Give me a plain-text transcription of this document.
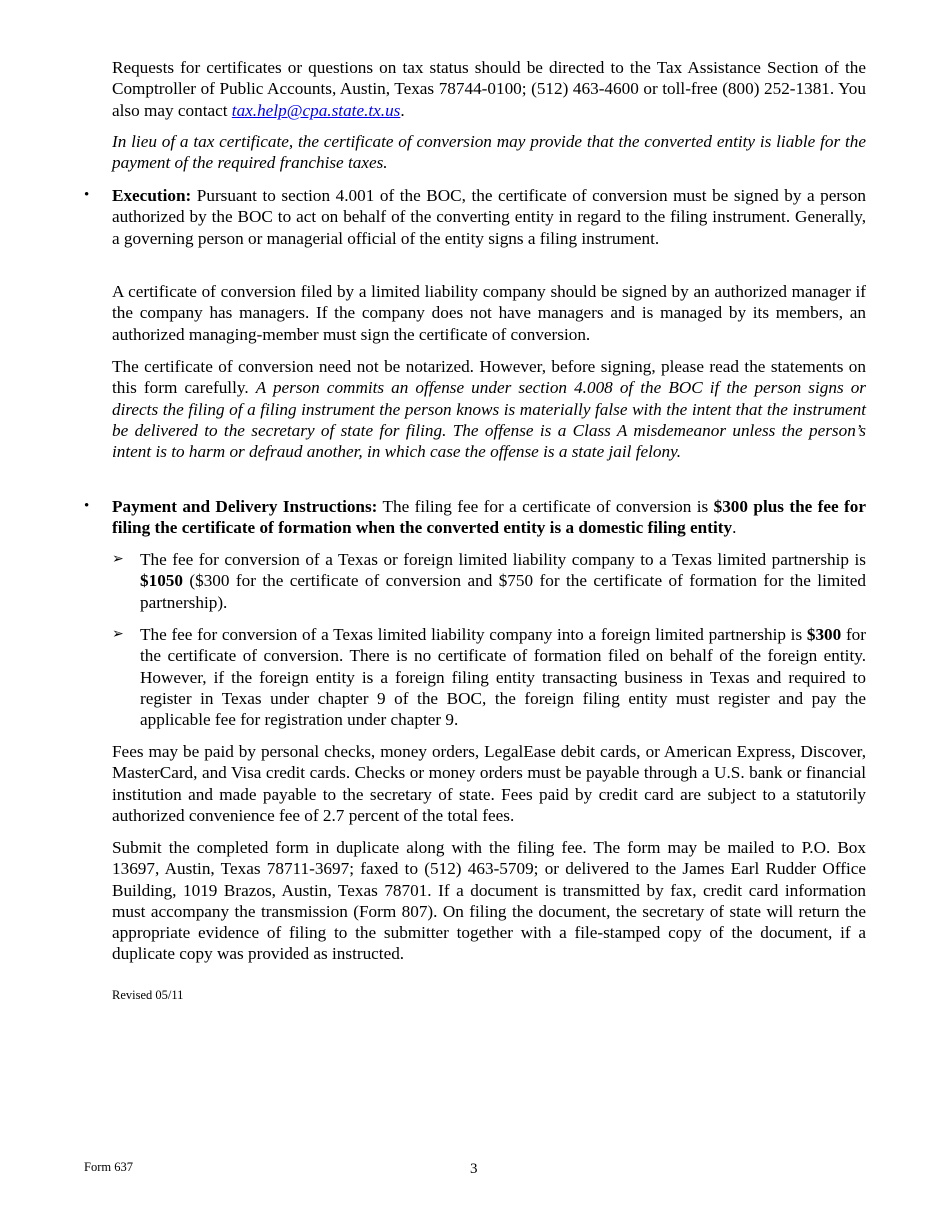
Requests for certificates or questions on tax status should be directed to the Tax Assistance Section of the Comptroller of Public Accounts, Austin, Texas 78744-0100; (512) 463-4600 or toll-free (800) 252-1381. You also may contact tax.help@cpa.state.tx.us.

In lieu of a tax certificate, the certificate of conversion may provide that the converted entity is liable for the payment of the required franchise taxes.

• Execution: Pursuant to section 4.001 of the BOC, the certificate of conversion must be signed by a person authorized by the BOC to act on behalf of the converting entity in regard to the filing instrument. Generally, a governing person or managerial official of the entity signs a filing instrument.

A certificate of conversion filed by a limited liability company should be signed by an authorized manager if the company has managers. If the company does not have managers and is managed by its members, an authorized managing-member must sign the certificate of conversion.

The certificate of conversion need not be notarized. However, before signing, please read the statements on this form carefully. A person commits an offense under section 4.008 of the BOC if the person signs or directs the filing of a filing instrument the person knows is materially false with the intent that the instrument be delivered to the secretary of state for filing. The offense is a Class A misdemeanor unless the person’s intent is to harm or defraud another, in which case the offense is a state jail felony.

• Payment and Delivery Instructions: The filing fee for a certificate of conversion is $300 plus the fee for filing the certificate of formation when the converted entity is a domestic filing entity.

➢ The fee for conversion of a Texas or foreign limited liability company to a Texas limited partnership is $1050 ($300 for the certificate of conversion and $750 for the certificate of formation for the limited partnership).

➢ The fee for conversion of a Texas limited liability company into a foreign limited partnership is $300 for the certificate of conversion. There is no certificate of formation filed on behalf of the foreign entity. However, if the foreign entity is a foreign filing entity transacting business in Texas and required to register in Texas under chapter 9 of the BOC, the foreign filing entity must register and pay the applicable fee for registration under chapter 9.

Fees may be paid by personal checks, money orders, LegalEase debit cards, or American Express, Discover, MasterCard, and Visa credit cards. Checks or money orders must be payable through a U.S. bank or financial institution and made payable to the secretary of state. Fees paid by credit card are subject to a statutorily authorized convenience fee of 2.7 percent of the total fees.

Submit the completed form in duplicate along with the filing fee. The form may be mailed to P.O. Box 13697, Austin, Texas 78711-3697; faxed to (512) 463-5709; or delivered to the James Earl Rudder Office Building, 1019 Brazos, Austin, Texas 78701. If a document is transmitted by fax, credit card information must accompany the transmission (Form 807). On filing the document, the secretary of state will return the appropriate evidence of filing to the submitter together with a file-stamped copy of the document, if a duplicate copy was provided as instructed.

Revised 05/11
Form 637	3
